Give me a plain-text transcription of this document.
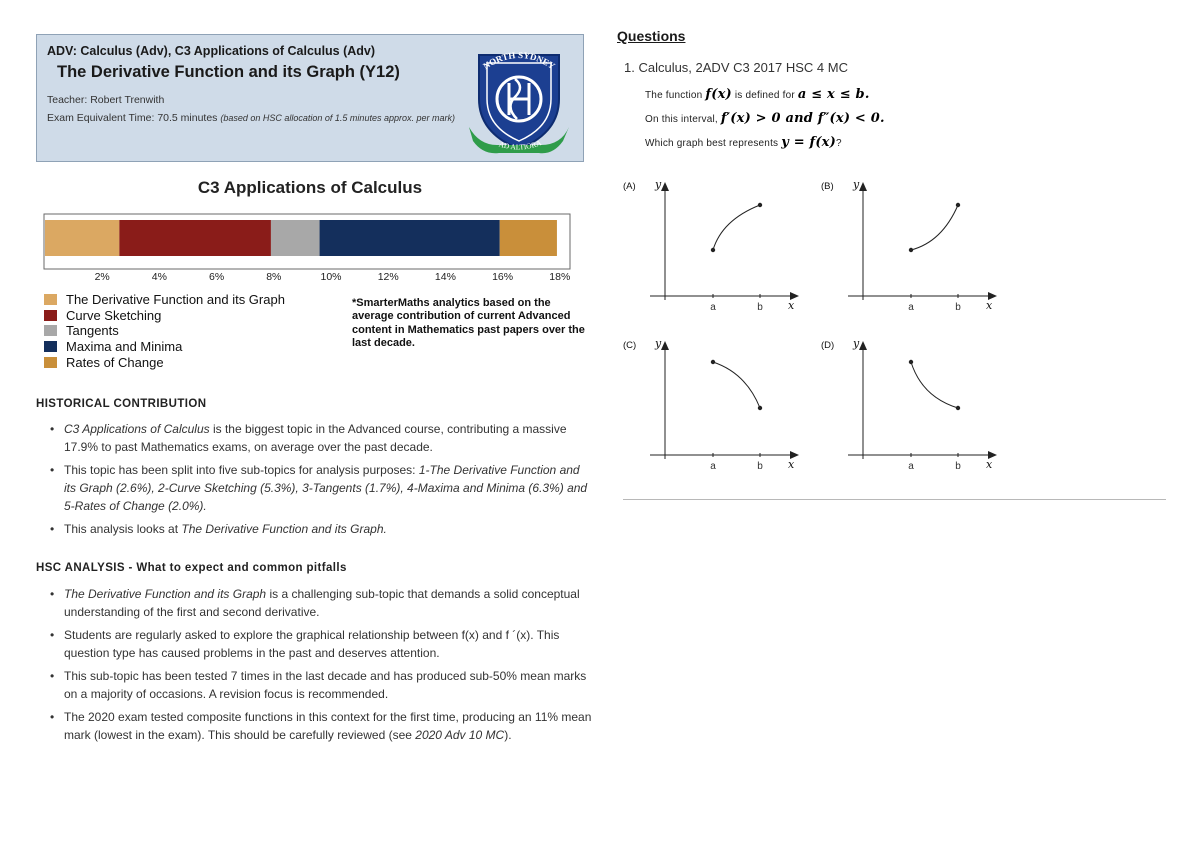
ADV: Calculus (Adv), C3 Applications of Calculus (Adv)
The Derivative Function and its Graph (Y12)
Teacher: Robert Trenwith
Exam Equivalent Time: 70.5 minutes (based on HSC allocation of 1.5 minutes approx. per mark)
NORTH SYDNEY
AD ALTIORA
C3 Applications of Calculus
2%	4%	6%	8%	10%	12%	14%	16%	18%
The Derivative Function and its Graph
Curve Sketching
Tangents
Maxima and Minima
Rates of Change
*SmarterMaths analytics based on the average contribution of current Advanced content in Mathematics past papers over the last decade.
HISTORICAL CONTRIBUTION
• C3 Applications of Calculus is the biggest topic in the Advanced course, contributing a massive 17.9% to past Mathematics exams, on average over the past decade.
• This topic has been split into five sub-topics for analysis purposes: 1-The Derivative Function and its Graph (2.6%), 2-Curve Sketching (5.3%), 3-Tangents (1.7%), 4-Maxima and Minima (6.3%) and 5-Rates of Change (2.0%).
• This analysis looks at The Derivative Function and its Graph.
HSC ANALYSIS - What to expect and common pitfalls
• The Derivative Function and its Graph is a challenging sub-topic that demands a solid conceptual understanding of the first and second derivative.
• Students are regularly asked to explore the graphical relationship between f(x) and f ´(x). This question type has caused problems in the past and deserves attention.
• This sub-topic has been tested 7 times in the last decade and has produced sub-50% mean marks on a majority of occasions. A revision focus is recommended.
• The 2020 exam tested composite functions in this context for the first time, producing an 11% mean mark (lowest in the exam). This should be carefully reviewed (see 2020 Adv 10 MC).
Questions
1. Calculus, 2ADV C3 2017 HSC 4 MC
The function f(x) is defined for a ≤ x ≤ b.
On this interval, f′(x) > 0 and f″(x) < 0.
Which graph best represents y = f(x)?
(A) y
a	b x
(B) y
a	b x
(C) y
a	b x
(D) y
a	b x
